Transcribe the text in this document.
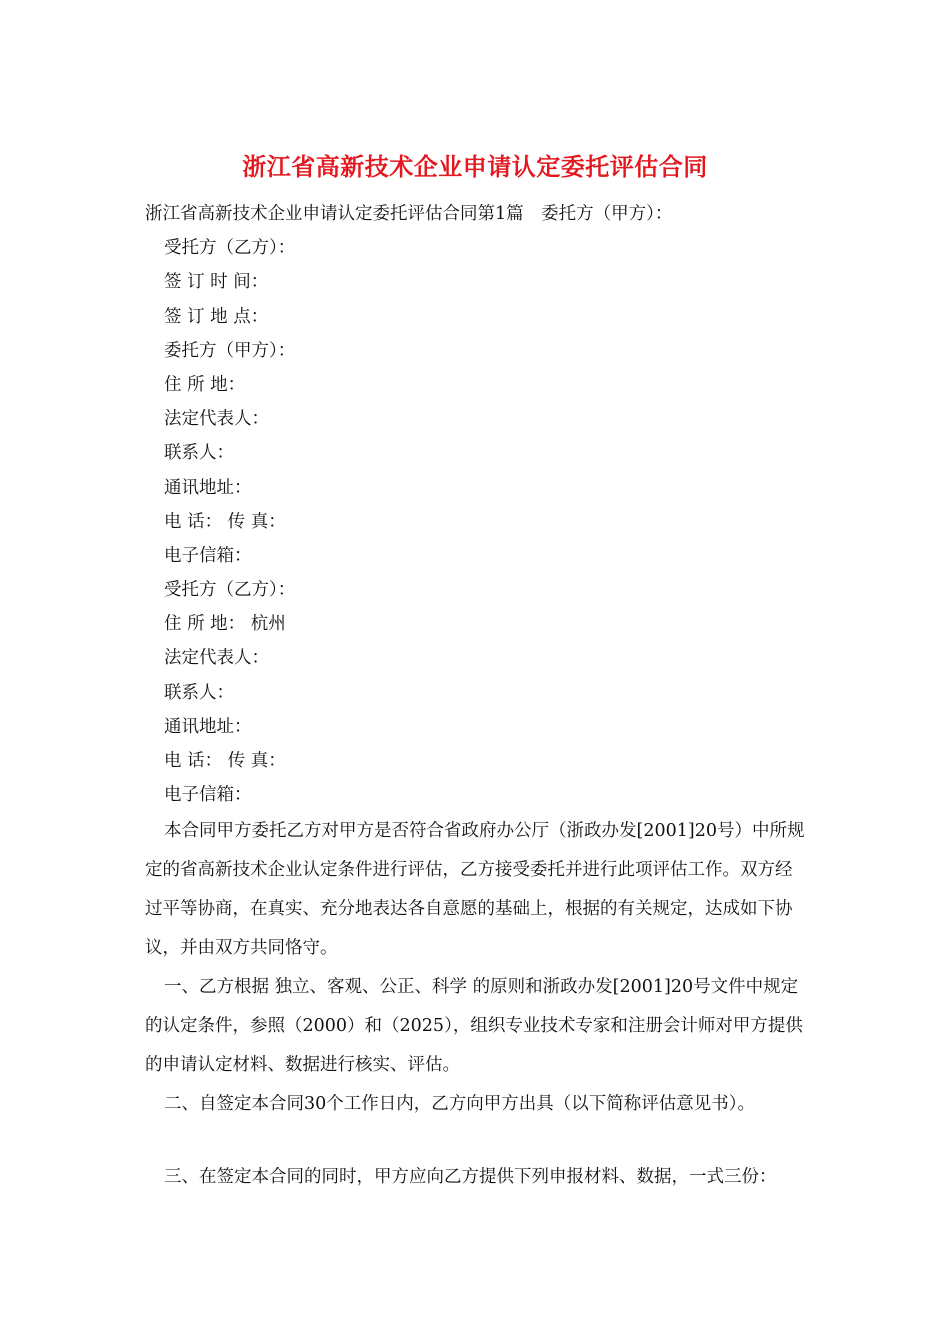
浙江省高新技术企业申请认定委托评估合同
浙江省高新技术企业申请认定委托评估合同第1篇　委托方（甲方）：
受托方（乙方）：
签 订 时 间：
签 订 地 点：
委托方（甲方）：
住 所 地：
法定代表人：
联系人：
通讯地址：
电 话： 传 真：
电子信箱：
受托方（乙方）：
住 所 地： 杭州
法定代表人：
联系人：
通讯地址：
电 话： 传 真：
电子信箱：

本合同甲方委托乙方对甲方是否符合省政府办公厅（浙政办发[2001]20号）中所规定的省高新技术企业认定条件进行评估，乙方接受委托并进行此项评估工作。双方经过平等协商，在真实、充分地表达各自意愿的基础上，根据的有关规定，达成如下协议，并由双方共同恪守。

一、乙方根据 独立、客观、公正、科学 的原则和浙政办发[2001]20号文件中规定的认定条件，参照（2000）和（2025），组织专业技术专家和注册会计师对甲方提供的申请认定材料、数据进行核实、评估。

二、自签定本合同30个工作日内，乙方向甲方出具（以下简称评估意见书）。

三、在签定本合同的同时，甲方应向乙方提供下列申报材料、数据，一式三份：
